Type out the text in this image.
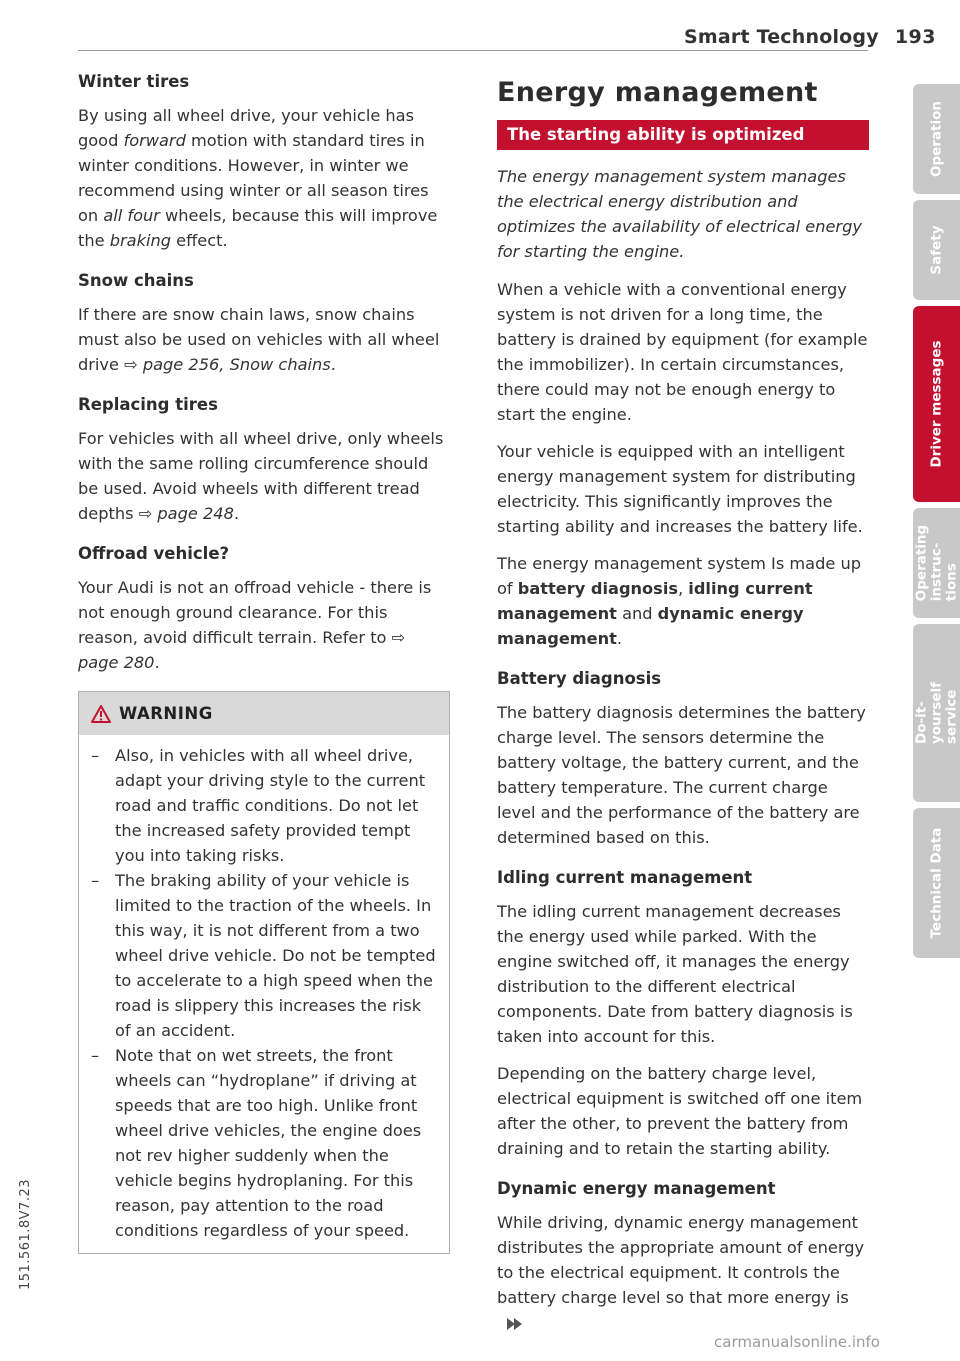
Smart Technology 193
Winter tires

By using all wheel drive, your vehicle has good forward motion with standard tires in winter conditions. However, in winter we recommend using winter or all season tires on all four wheels, because this will improve the braking effect.

Snow chains

If there are snow chain laws, snow chains must also be used on vehicles with all wheel drive ⇨ page 256, Snow chains.

Replacing tires

For vehicles with all wheel drive, only wheels with the same rolling circumference should be used. Avoid wheels with different tread depths ⇨ page 248.

Offroad vehicle?

Your Audi is not an offroad vehicle - there is not enough ground clearance. For this reason, avoid difficult terrain. Refer to ⇨ page 280.

WARNING
– Also, in vehicles with all wheel drive, adapt your driving style to the current road and traffic conditions. Do not let the increased safety provided tempt you into taking risks.
– The braking ability of your vehicle is limited to the traction of the wheels. In this way, it is not different from a two wheel drive vehicle. Do not be tempted to accelerate to a high speed when the road is slippery this increases the risk of an accident.
– Note that on wet streets, the front wheels can “hydroplane” if driving at speeds that are too high. Unlike front wheel drive vehicles, the engine does not rev higher suddenly when the vehicle begins hydroplaning. For this reason, pay attention to the road conditions regardless of your speed.
Energy management
The starting ability is optimized

The energy management system manages the electrical energy distribution and optimizes the availability of electrical energy for starting the engine.

When a vehicle with a conventional energy system is not driven for a long time, the battery is drained by equipment (for example the immobilizer). In certain circumstances, there could may not be enough energy to start the engine.

Your vehicle is equipped with an intelligent energy management system for distributing electricity. This significantly improves the starting ability and increases the battery life.

The energy management system Is made up of battery diagnosis, idling current management and dynamic energy management.

Battery diagnosis

The battery diagnosis determines the battery charge level. The sensors determine the battery voltage, the battery current, and the battery temperature. The current charge level and the performance of the battery are determined based on this.

Idling current management

The idling current management decreases the energy used while parked. With the engine switched off, it manages the energy distribution to the different electrical components. Date from battery diagnosis is taken into account for this.

Depending on the battery charge level, electrical equipment is switched off one item after the other, to prevent the battery from draining and to retain the starting ability.

Dynamic energy management

While driving, dynamic energy management distributes the appropriate amount of energy to the electrical equipment. It controls the battery charge level so that more energy is

Operation
Safety
Driver messages
Operating instruc-
tions
Do-it-yourself
service
Technical Data
151.561.8V7.23
carmanualsonline.info
